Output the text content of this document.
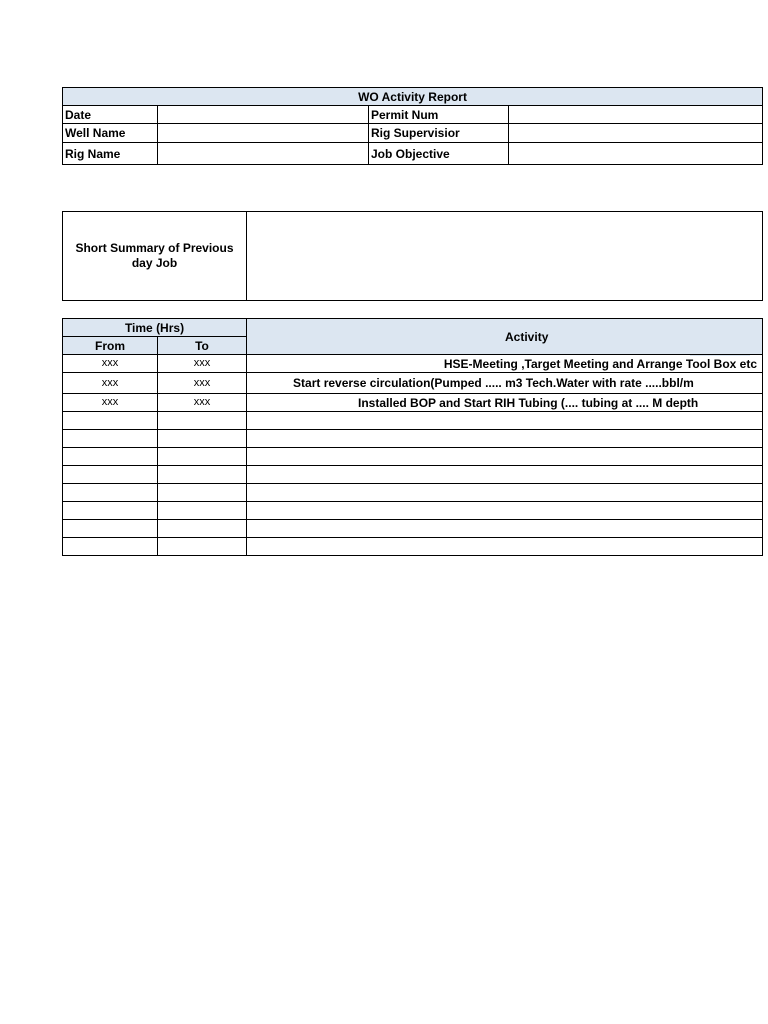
WO Activity Report			
Date		Permit Num	
Well Name		Rig Supervisior	
Rig Name		Job Objective	
Short Summary of Previous day Job	
Time (Hrs)		Activity
From	To	
xxx	xxx	HSE-Meeting ,Target Meeting and Arrange Tool Box etc
xxx	xxx	Start reverse circulation(Pumped ..... m3 Tech.Water with rate .....bbl/m
xxx	xxx	Installed BOP and Start RIH Tubing (.... tubing at .... M depth
